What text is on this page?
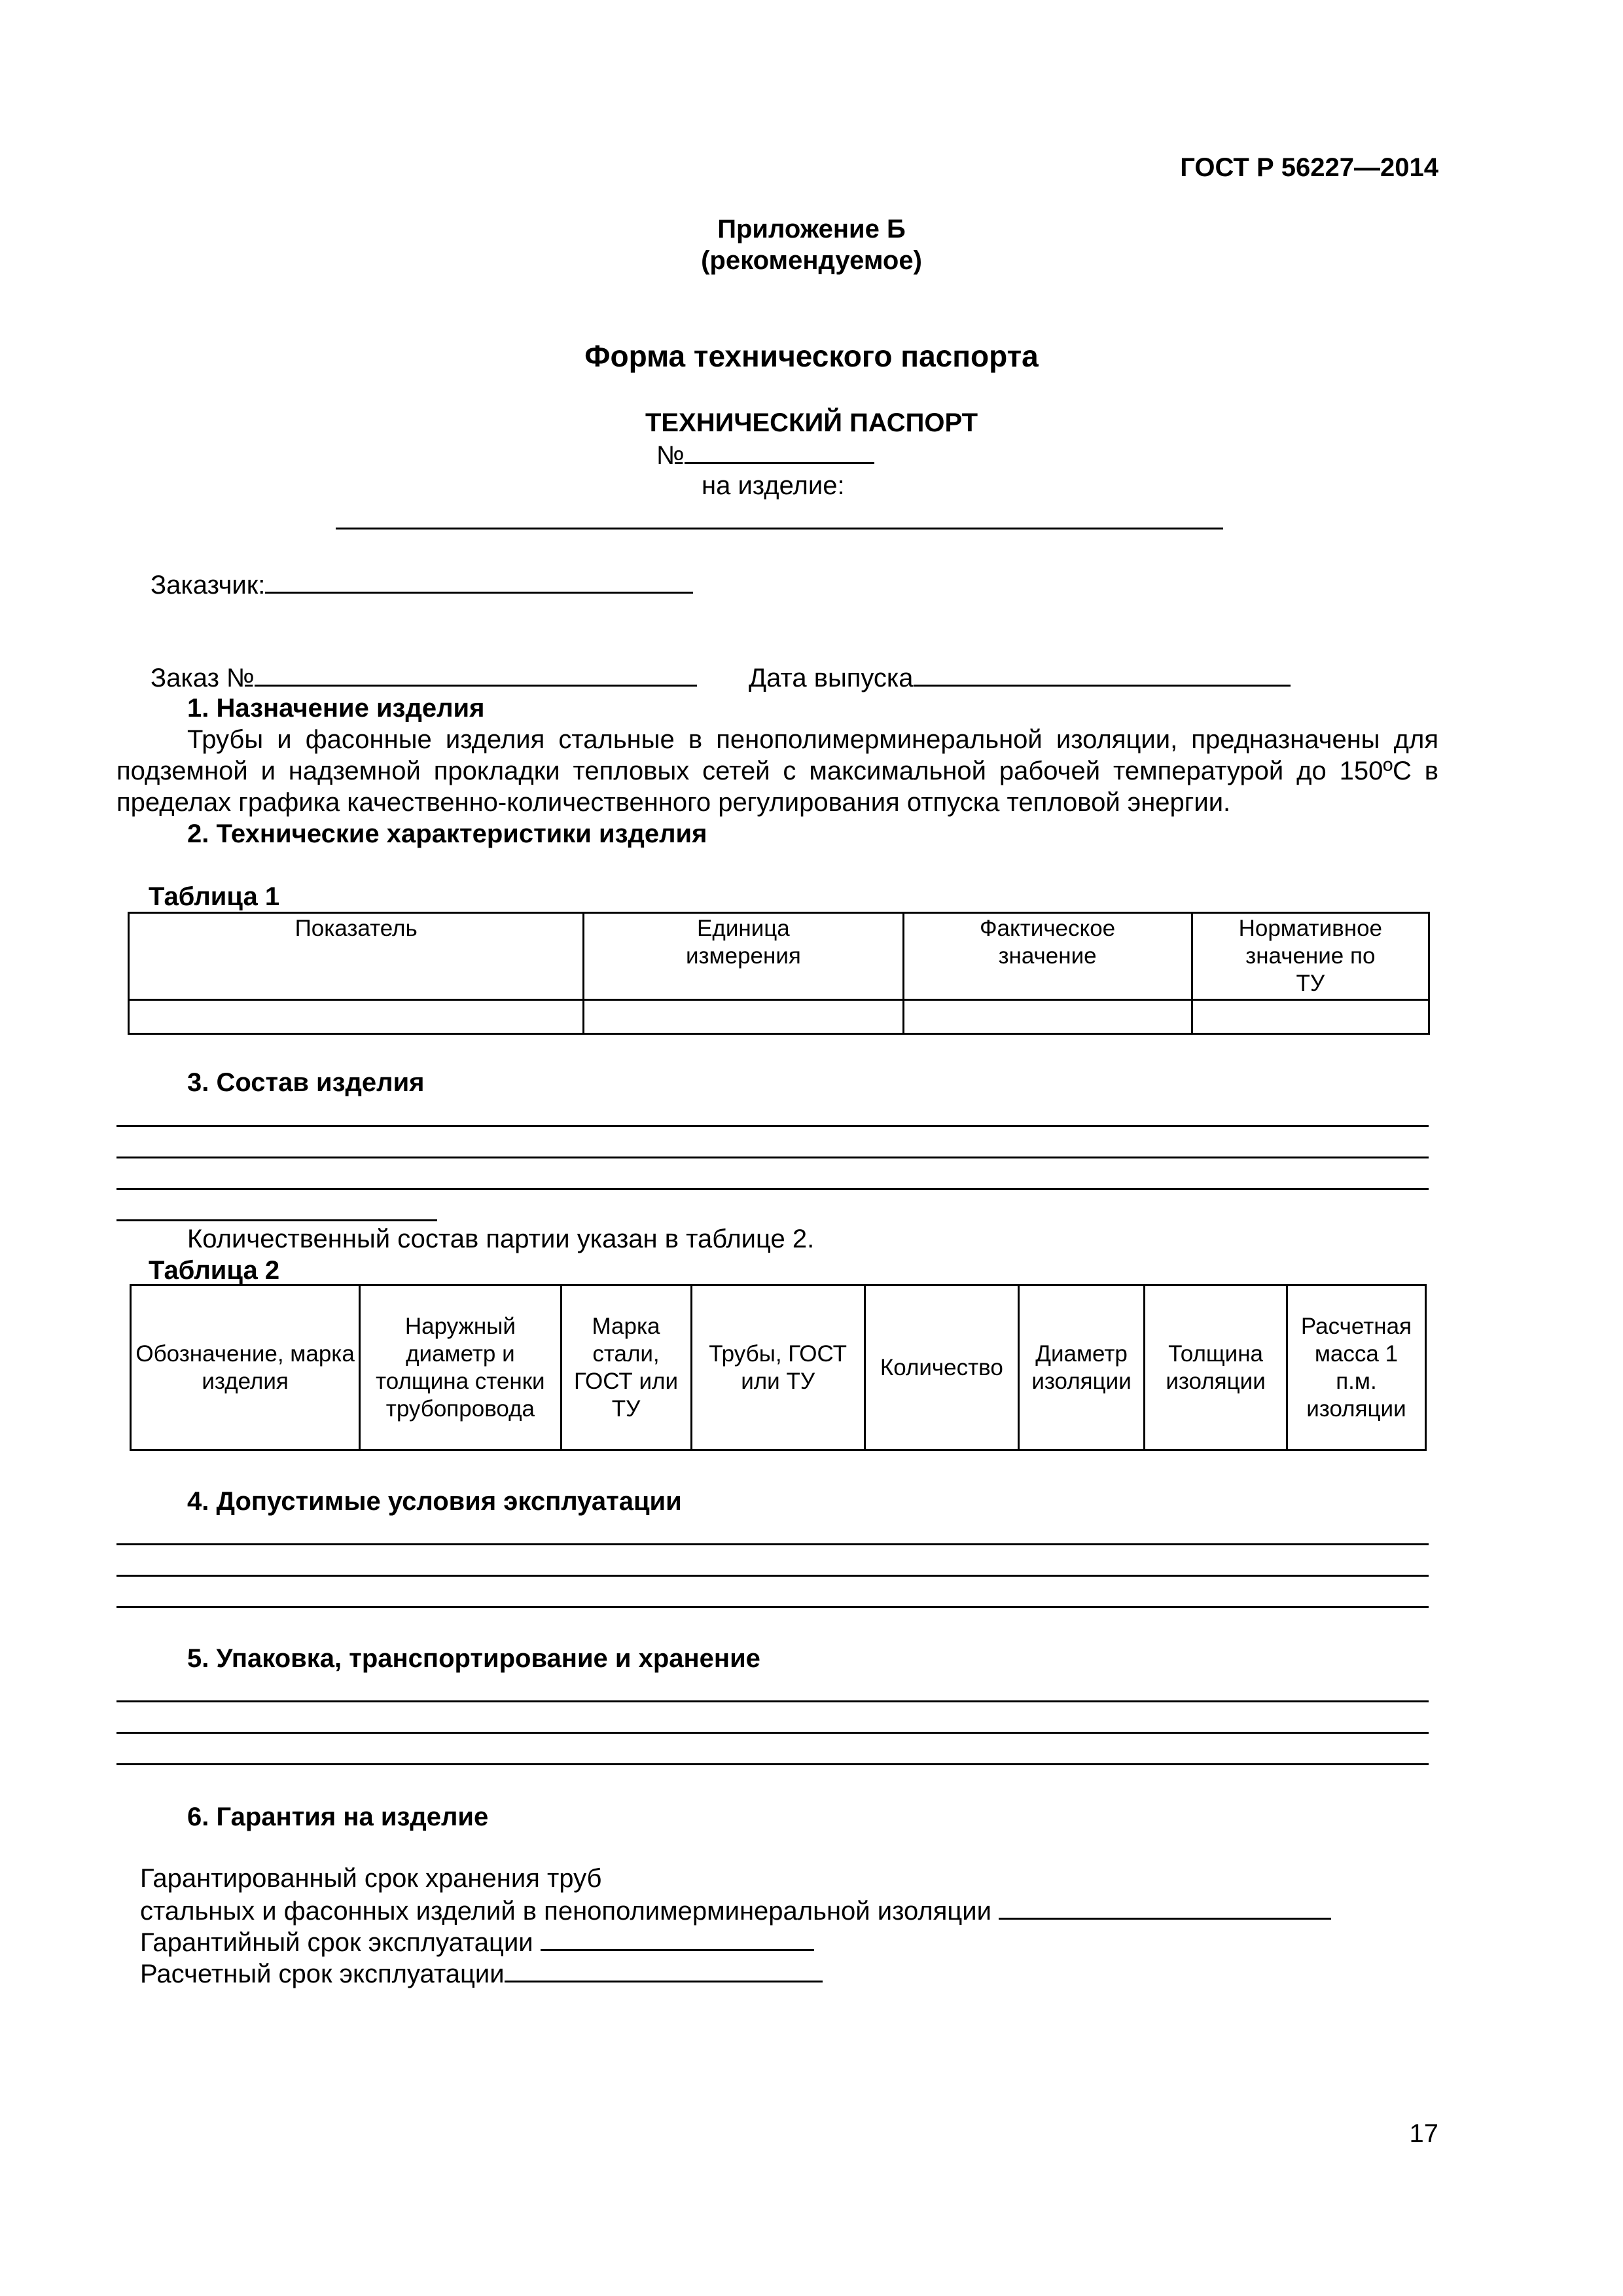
ГОСТ Р 56227—2014
Приложение Б
(рекомендуемое)
Форма технического паспорта
ТЕХНИЧЕСКИЙ ПАСПОРТ
№
на изделие:
Заказчик:
Заказ №	Дата выпуска
1. Назначение изделия
Трубы и фасонные изделия стальные в пенополимерминеральной изоляции, предназначены для подземной и надземной прокладки тепловых сетей с максимальной рабочей температурой до 150ºС в пределах графика качественно-количественного регулирования отпуска тепловой энергии.
2. Технические характеристики изделия
Таблица 1
Показатель	Единица измерения	Фактическое значение	Нормативное значение по ТУ

3. Состав изделия
Количественный состав партии указан в таблице 2.
Таблица 2
Обозначение, марка изделия	Наружный диаметр и толщина стенки трубопровода	Марка стали, ГОСТ или ТУ	Трубы, ГОСТ или ТУ	Количество	Диаметр изоляции	Толщина изоляции	Расчетная масса 1 п.м. изоляции
4. Допустимые условия эксплуатации
5. Упаковка, транспортирование и хранение
6. Гарантия на изделие
Гарантированный срок хранения труб
стальных и фасонных изделий в пенополимерминеральной изоляции
Гарантийный срок эксплуатации
Расчетный срок эксплуатации
17
